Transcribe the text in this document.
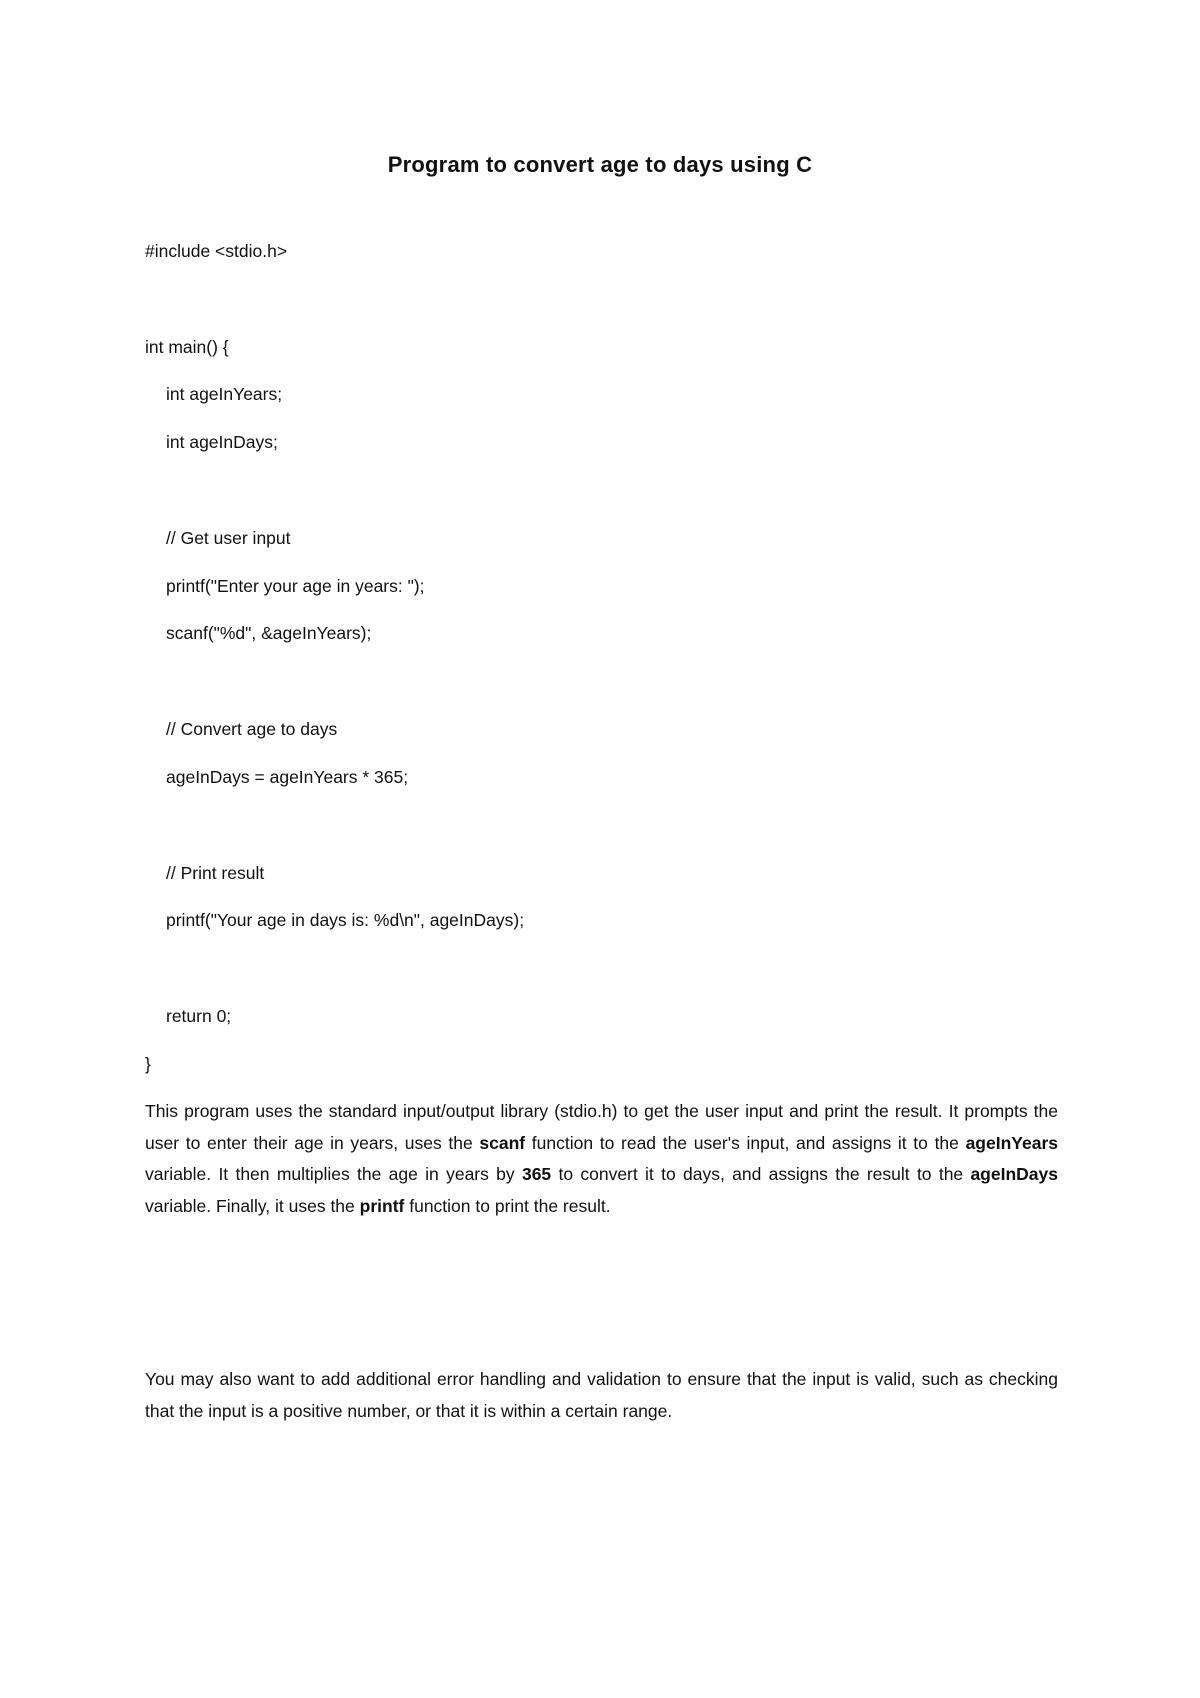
Program to convert age to days using C
#include <stdio.h>
int main() {
int ageInYears;
int ageInDays;
// Get user input
printf("Enter your age in years: ");
scanf("%d", &ageInYears);
// Convert age to days
ageInDays = ageInYears * 365;
// Print result
printf("Your age in days is: %d\n", ageInDays);
return 0;
}

This program uses the standard input/output library (stdio.h) to get the user input and print the result. It prompts the user to enter their age in years, uses the scanf function to read the user's input, and assigns it to the ageInYears variable. It then multiplies the age in years by 365 to convert it to days, and assigns the result to the ageInDays variable. Finally, it uses the printf function to print the result.

You may also want to add additional error handling and validation to ensure that the input is valid, such as checking that the input is a positive number, or that it is within a certain range.
